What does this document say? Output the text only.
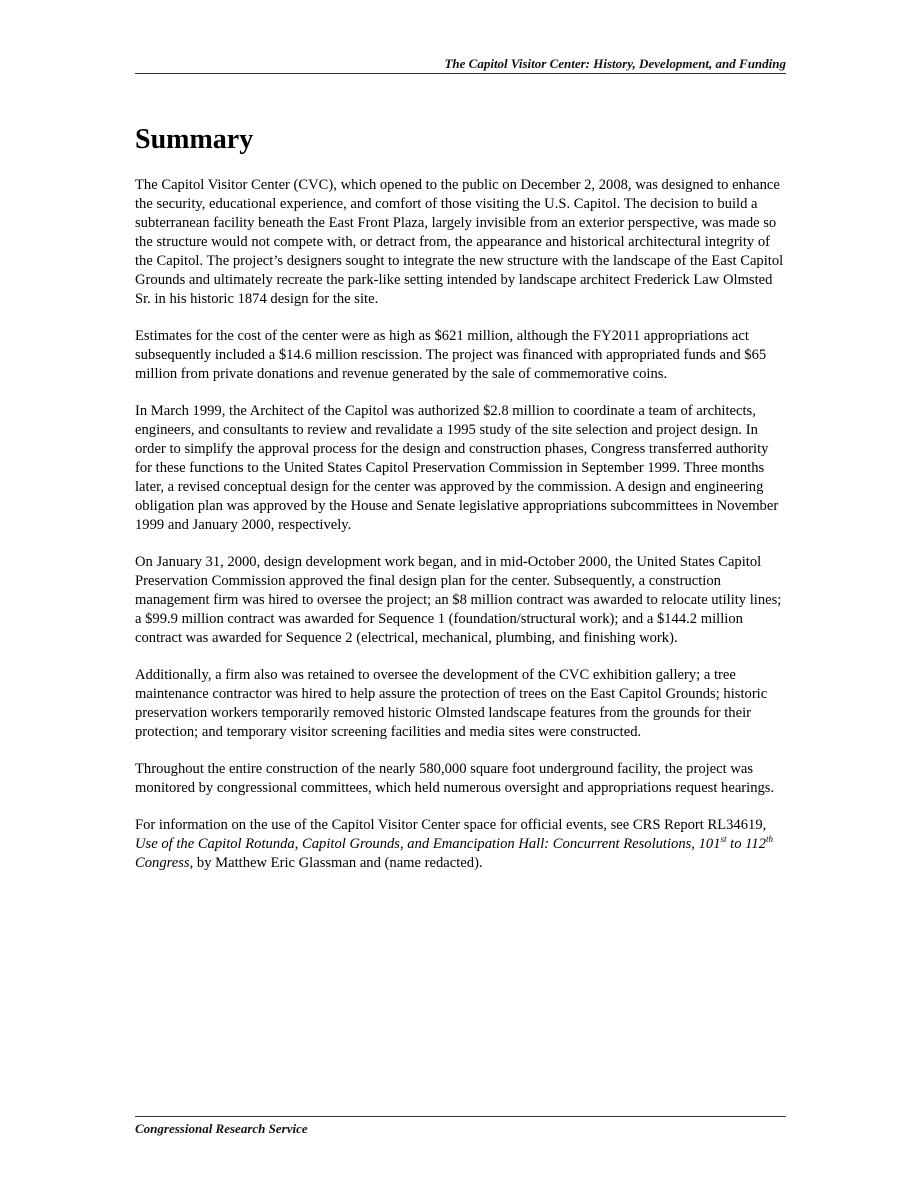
The Capitol Visitor Center: History, Development, and Funding
Summary

The Capitol Visitor Center (CVC), which opened to the public on December 2, 2008, was designed to enhance the security, educational experience, and comfort of those visiting the U.S. Capitol. The decision to build a subterranean facility beneath the East Front Plaza, largely invisible from an exterior perspective, was made so the structure would not compete with, or detract from, the appearance and historical architectural integrity of the Capitol. The project’s designers sought to integrate the new structure with the landscape of the East Capitol Grounds and ultimately recreate the park-like setting intended by landscape architect Frederick Law Olmsted Sr. in his historic 1874 design for the site.

Estimates for the cost of the center were as high as $621 million, although the FY2011 appropriations act subsequently included a $14.6 million rescission. The project was financed with appropriated funds and $65 million from private donations and revenue generated by the sale of commemorative coins.

In March 1999, the Architect of the Capitol was authorized $2.8 million to coordinate a team of architects, engineers, and consultants to review and revalidate a 1995 study of the site selection and project design. In order to simplify the approval process for the design and construction phases, Congress transferred authority for these functions to the United States Capitol Preservation Commission in September 1999. Three months later, a revised conceptual design for the center was approved by the commission. A design and engineering obligation plan was approved by the House and Senate legislative appropriations subcommittees in November 1999 and January 2000, respectively.

On January 31, 2000, design development work began, and in mid-October 2000, the United States Capitol Preservation Commission approved the final design plan for the center. Subsequently, a construction management firm was hired to oversee the project; an $8 million contract was awarded to relocate utility lines; a $99.9 million contract was awarded for Sequence 1 (foundation/structural work); and a $144.2 million contract was awarded for Sequence 2 (electrical, mechanical, plumbing, and finishing work).

Additionally, a firm also was retained to oversee the development of the CVC exhibition gallery; a tree maintenance contractor was hired to help assure the protection of trees on the East Capitol Grounds; historic preservation workers temporarily removed historic Olmsted landscape features from the grounds for their protection; and temporary visitor screening facilities and media sites were constructed.

Throughout the entire construction of the nearly 580,000 square foot underground facility, the project was monitored by congressional committees, which held numerous oversight and appropriations request hearings.

For information on the use of the Capitol Visitor Center space for official events, see CRS Report RL34619, Use of the Capitol Rotunda, Capitol Grounds, and Emancipation Hall: Concurrent Resolutions, 101st to 112th Congress, by Matthew Eric Glassman and (name redacted).

Congressional Research Service
